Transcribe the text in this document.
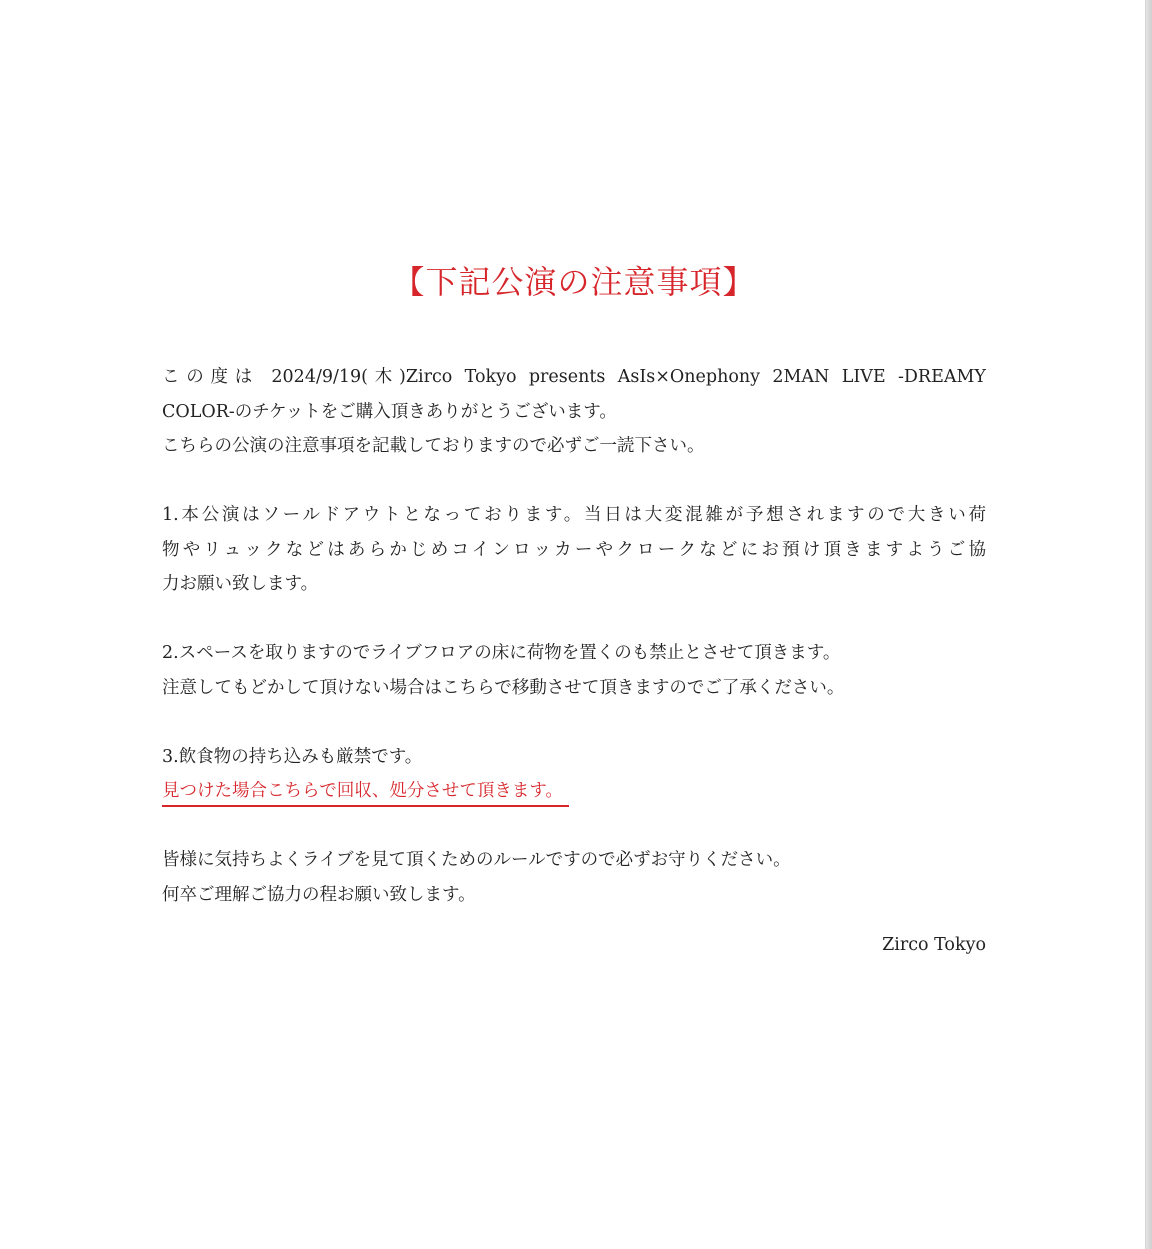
【下記公演の注意事項】
この度は 2024/9/19(木)Zirco Tokyo presents AsIs×Onephony 2MAN LIVE -DREAMY
COLOR-のチケットをご購入頂きありがとうございます。
こちらの公演の注意事項を記載しておりますので必ずご一読下さい。
1.本公演はソールドアウトとなっております。当日は大変混雑が予想されますので大きい荷
物やリュックなどはあらかじめコインロッカーやクロークなどにお預け頂きますようご協
力お願い致します。
2.スペースを取りますのでライブフロアの床に荷物を置くのも禁止とさせて頂きます。
注意してもどかして頂けない場合はこちらで移動させて頂きますのでご了承ください。
3.飲食物の持ち込みも厳禁です。
見つけた場合こちらで回収、処分させて頂きます。
皆様に気持ちよくライブを見て頂くためのルールですので必ずお守りください。
何卒ご理解ご協力の程お願い致します。
Zirco Tokyo
